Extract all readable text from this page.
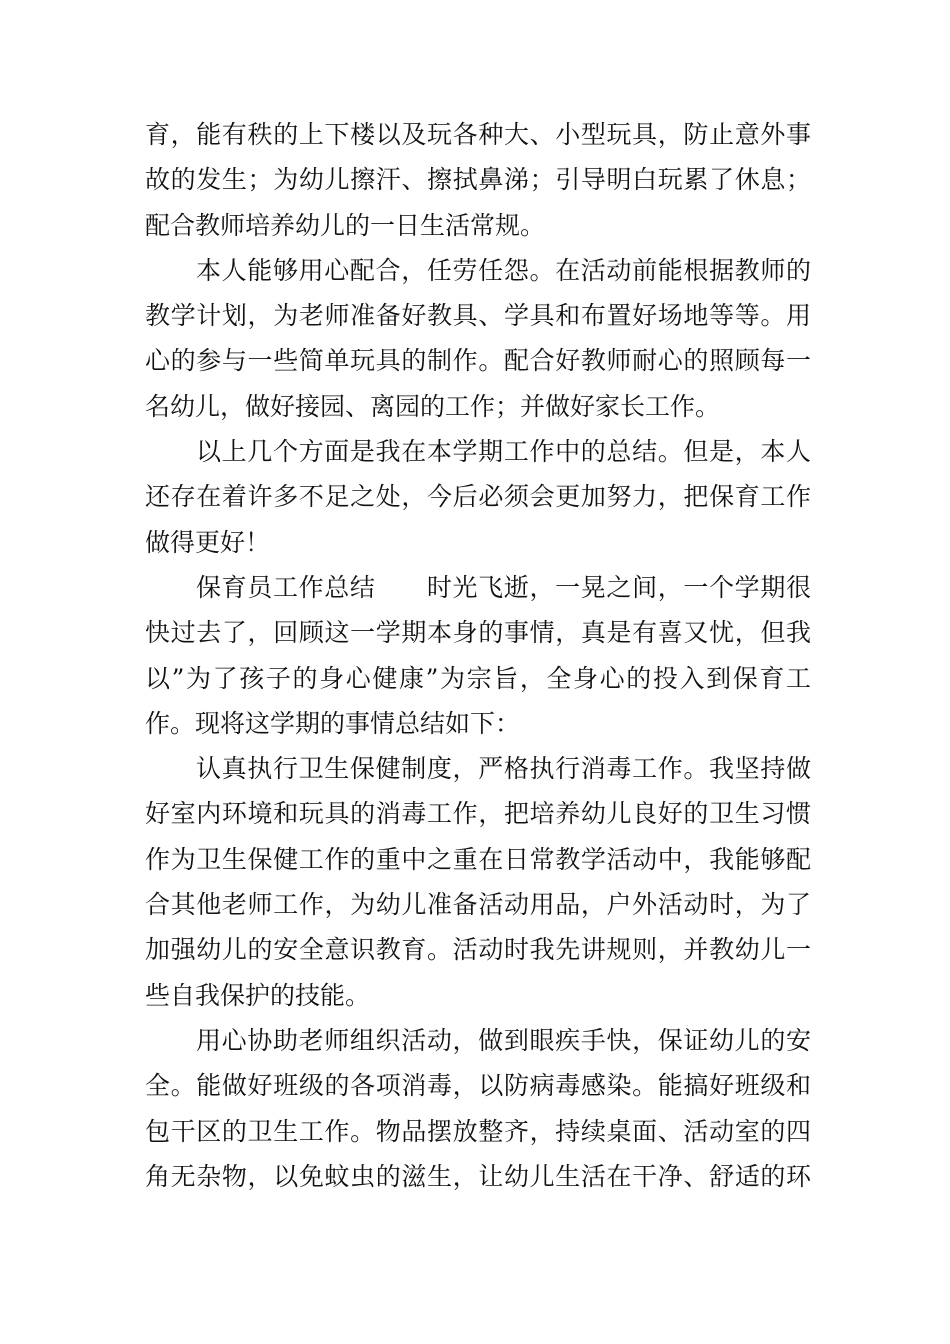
育，能有秩的上下楼以及玩各种大、小型玩具，防止意外事
故的发生；为幼儿擦汗、擦拭鼻涕；引导明白玩累了休息；
配合教师培养幼儿的一日生活常规。
本人能够用心配合，任劳任怨。在活动前能根据教师的
教学计划，为老师准备好教具、学具和布置好场地等等。用
心的参与一些简单玩具的制作。配合好教师耐心的照顾每一
名幼儿，做好接园、离园的工作；并做好家长工作。
以上几个方面是我在本学期工作中的总结。但是，本人
还存在着许多不足之处，今后必须会更加努力，把保育工作
做得更好！
保育员工作总结　　时光飞逝，一晃之间，一个学期很
快过去了，回顾这一学期本身的事情，真是有喜又忧，但我
以”为了孩子的身心健康”为宗旨，全身心的投入到保育工
作。现将这学期的事情总结如下：
认真执行卫生保健制度，严格执行消毒工作。我坚持做
好室内环境和玩具的消毒工作，把培养幼儿良好的卫生习惯
作为卫生保健工作的重中之重在日常教学活动中，我能够配
合其他老师工作，为幼儿准备活动用品，户外活动时，为了
加强幼儿的安全意识教育。活动时我先讲规则，并教幼儿一
些自我保护的技能。
用心协助老师组织活动，做到眼疾手快，保证幼儿的安
全。能做好班级的各项消毒，以防病毒感染。能搞好班级和
包干区的卫生工作。物品摆放整齐，持续桌面、活动室的四
角无杂物，以免蚊虫的滋生，让幼儿生活在干净、舒适的环
